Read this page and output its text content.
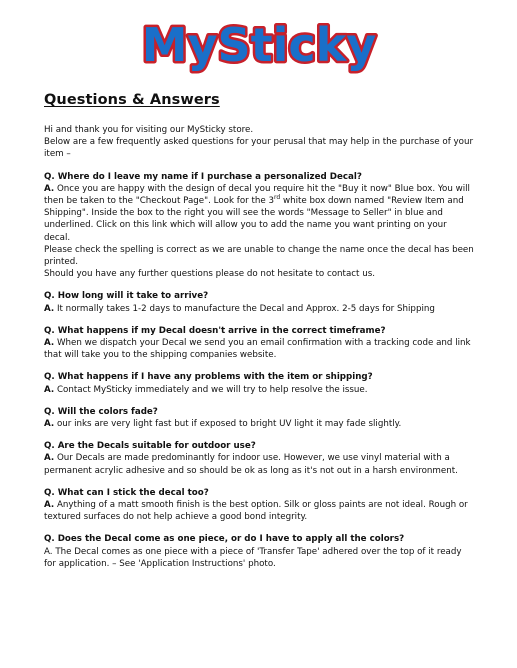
MySticky
Questions & Answers

Hi and thank you for visiting our MySticky store.

Below are a few frequently asked questions for your perusal that may help in the purchase of your item –

Q. Where do I leave my name if I purchase a personalized Decal?

A. Once you are happy with the design of decal you require hit the "Buy it now" Blue box. You will then be taken to the "Checkout Page". Look for the 3rd white box down named "Review Item and Shipping". Inside the box to the right you will see the words "Message to Seller" in blue and underlined. Click on this link which will allow you to add the name you want printing on your decal.

Please check the spelling is correct as we are unable to change the name once the decal has been printed.

Should you have any further questions please do not hesitate to contact us.

Q. How long will it take to arrive?

A. It normally takes 1-2 days to manufacture the Decal and Approx. 2-5 days for Shipping

Q. What happens if my Decal doesn't arrive in the correct timeframe?

A. When we dispatch your Decal we send you an email confirmation with a tracking code and link that will take you to the shipping companies website.

Q. What happens if I have any problems with the item or shipping?

A. Contact MySticky immediately and we will try to help resolve the issue.

Q. Will the colors fade?

A. our inks are very light fast but if exposed to bright UV light it may fade slightly.

Q. Are the Decals suitable for outdoor use?

A. Our Decals are made predominantly for indoor use. However, we use vinyl material with a permanent acrylic adhesive and so should be ok as long as it's not out in a harsh environment.

Q. What can I stick the decal too?

A. Anything of a matt smooth finish is the best option. Silk or gloss paints are not ideal. Rough or textured surfaces do not help achieve a good bond integrity.

Q. Does the Decal come as one piece, or do I have to apply all the colors?

A. The Decal comes as one piece with a piece of 'Transfer Tape' adhered over the top of it ready for application. – See 'Application Instructions' photo.
